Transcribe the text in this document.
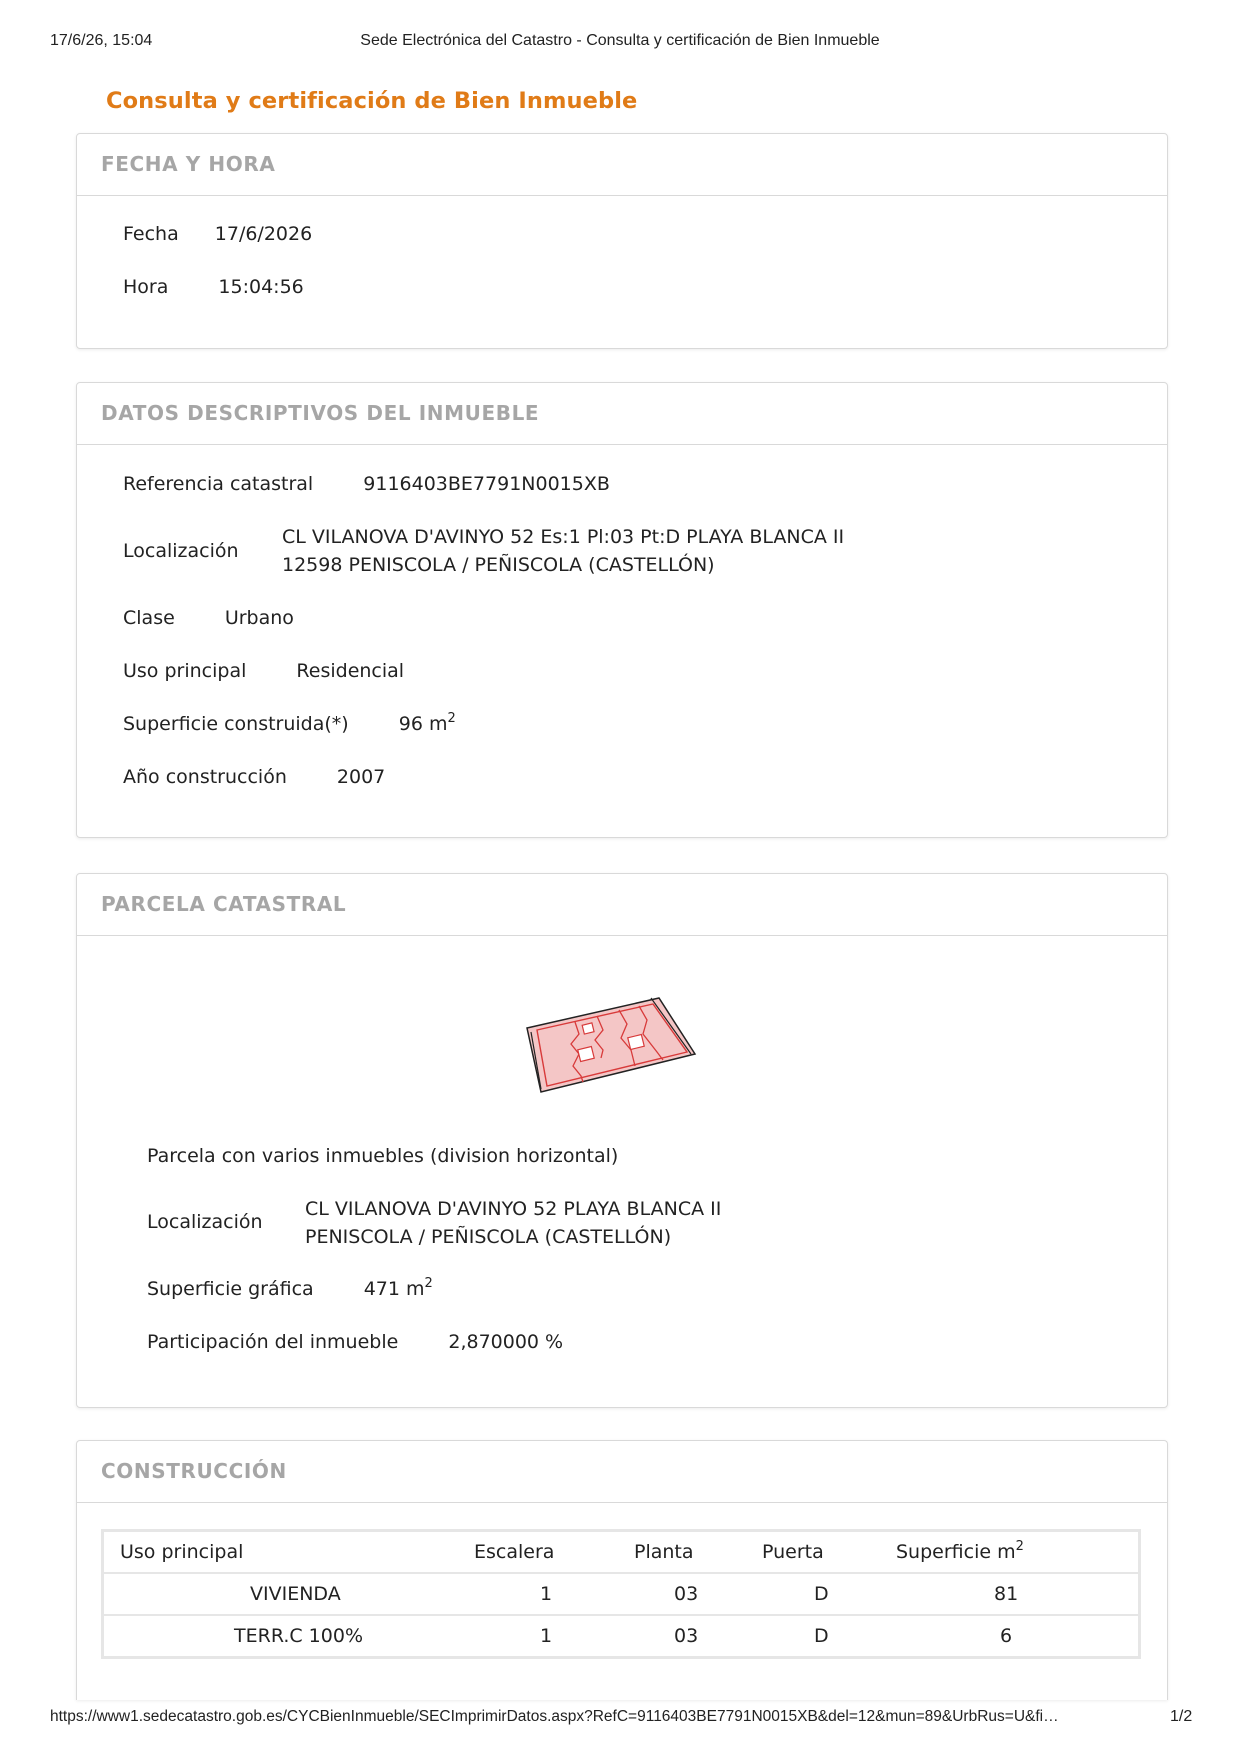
17/6/26, 15:04	Sede Electrónica del Catastro - Consulta y certificación de Bien Inmueble
Consulta y certificación de Bien Inmueble
FECHA Y HORA
Fecha 17/6/2026
Hora	15:04:56
DATOS DESCRIPTIVOS DEL INMUEBLE
Referencia catastral	9116403BE7791N0015XB
Localización
CL VILANOVA D'AVINYO 52 Es:1 Pl:03 Pt:D PLAYA BLANCA II
12598 PENISCOLA / PEÑISCOLA (CASTELLÓN)
Clase	Urbano
Uso principal	Residencial
Superficie construida(*)	96 $m^2$
Año construcción	2007
PARCELA CATASTRAL
Parcela con varios inmuebles (division horizontal)
Localización
CL VILANOVA D'AVINYO 52 PLAYA BLANCA II
PENISCOLA / PEÑISCOLA (CASTELLÓN)
Superficie gráfica	471 $m^2$
Participación del inmueble	2,870000 %
CONSTRUCCIÓN
Uso principal	Escalera	Planta	Puerta	Superficie $m^2$
VIVIENDA	1	03	D	81
TERR.C 100%	1	03	D	6
https://www1.sedecatastro.gob.es/CYCBienInmueble/SECImprimirDatos.aspx?RefC=9116403BE7791N0015XB&del=12&mun=89&UrbRus=U&fi…	1/2
